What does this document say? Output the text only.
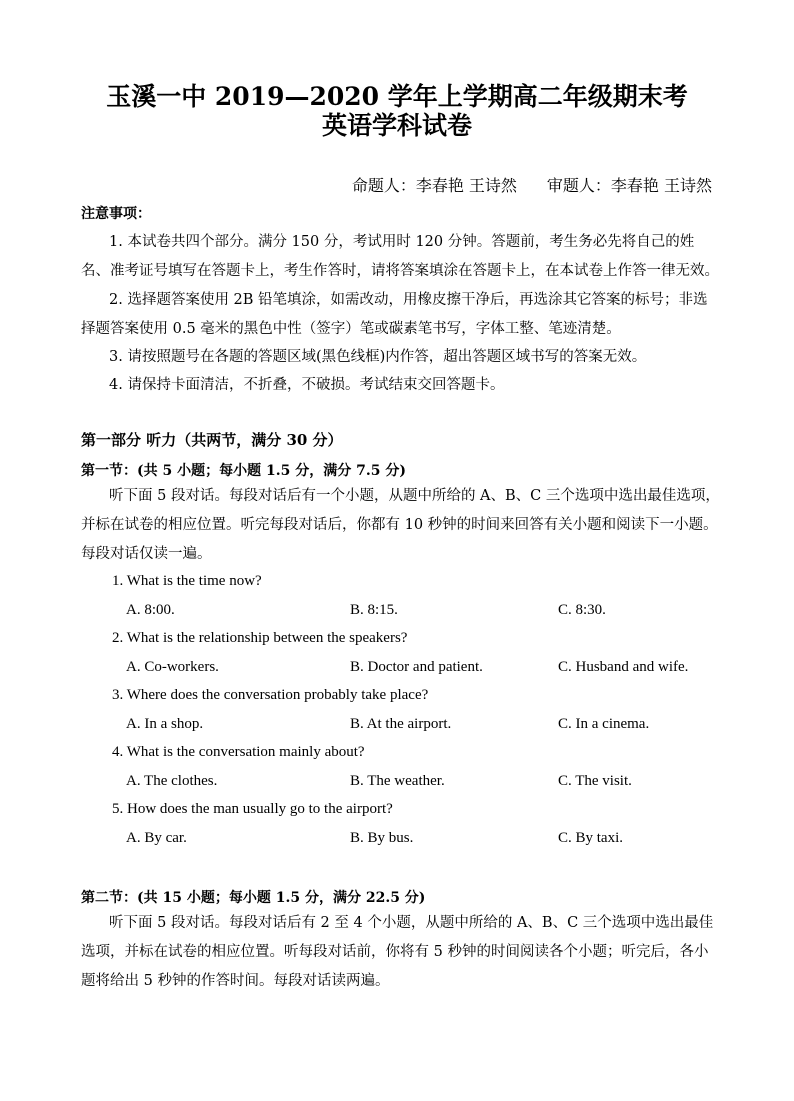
玉溪一中 2019—2020 学年上学期高二年级期末考
英语学科试卷
命题人：李春艳 王诗然 审题人：李春艳 王诗然
注意事项：

1. 本试卷共四个部分。满分 150 分，考试用时 120 分钟。答题前，考生务必先将自己的姓名、准考证号填写在答题卡上，考生作答时，请将答案填涂在答题卡上，在本试卷上作答一律无效。

2. 选择题答案使用 2B 铅笔填涂，如需改动，用橡皮擦干净后，再选涂其它答案的标号；非选择题答案使用 0.5 毫米的黑色中性（签字）笔或碳素笔书写，字体工整、笔迹清楚。

3. 请按照题号在各题的答题区域(黑色线框)内作答，超出答题区域书写的答案无效。

4. 请保持卡面清洁，不折叠，不破损。考试结束交回答题卡。

第一部分 听力（共两节，满分 30 分）
第一节：(共 5 小题；每小题 1.5 分，满分 7.5 分)

听下面 5 段对话。每段对话后有一个小题，从题中所给的 A、B、C 三个选项中选出最佳选项，并标在试卷的相应位置。听完每段对话后，你都有 10 秒钟的时间来回答有关小题和阅读下一小题。每段对话仅读一遍。

1. What is the time now?
A. 8:00.	B. 8:15.	C. 8:30.
2. What is the relationship between the speakers?
A. Co-workers.	B. Doctor and patient.	C. Husband and wife.
3. Where does the conversation probably take place?
A. In a shop.	B. At the airport.	C. In a cinema.
4. What is the conversation mainly about?
A. The clothes.	B. The weather.	C. The visit.
5. How does the man usually go to the airport?
A. By car.	B. By bus.	C. By taxi.
第二节：(共 15 小题；每小题 1.5 分，满分 22.5 分)

听下面 5 段对话。每段对话后有 2 至 4 个小题，从题中所给的 A、B、C 三个选项中选出最佳选项，并标在试卷的相应位置。听每段对话前，你将有 5 秒钟的时间阅读各个小题；听完后，各小题将给出 5 秒钟的作答时间。每段对话读两遍。
